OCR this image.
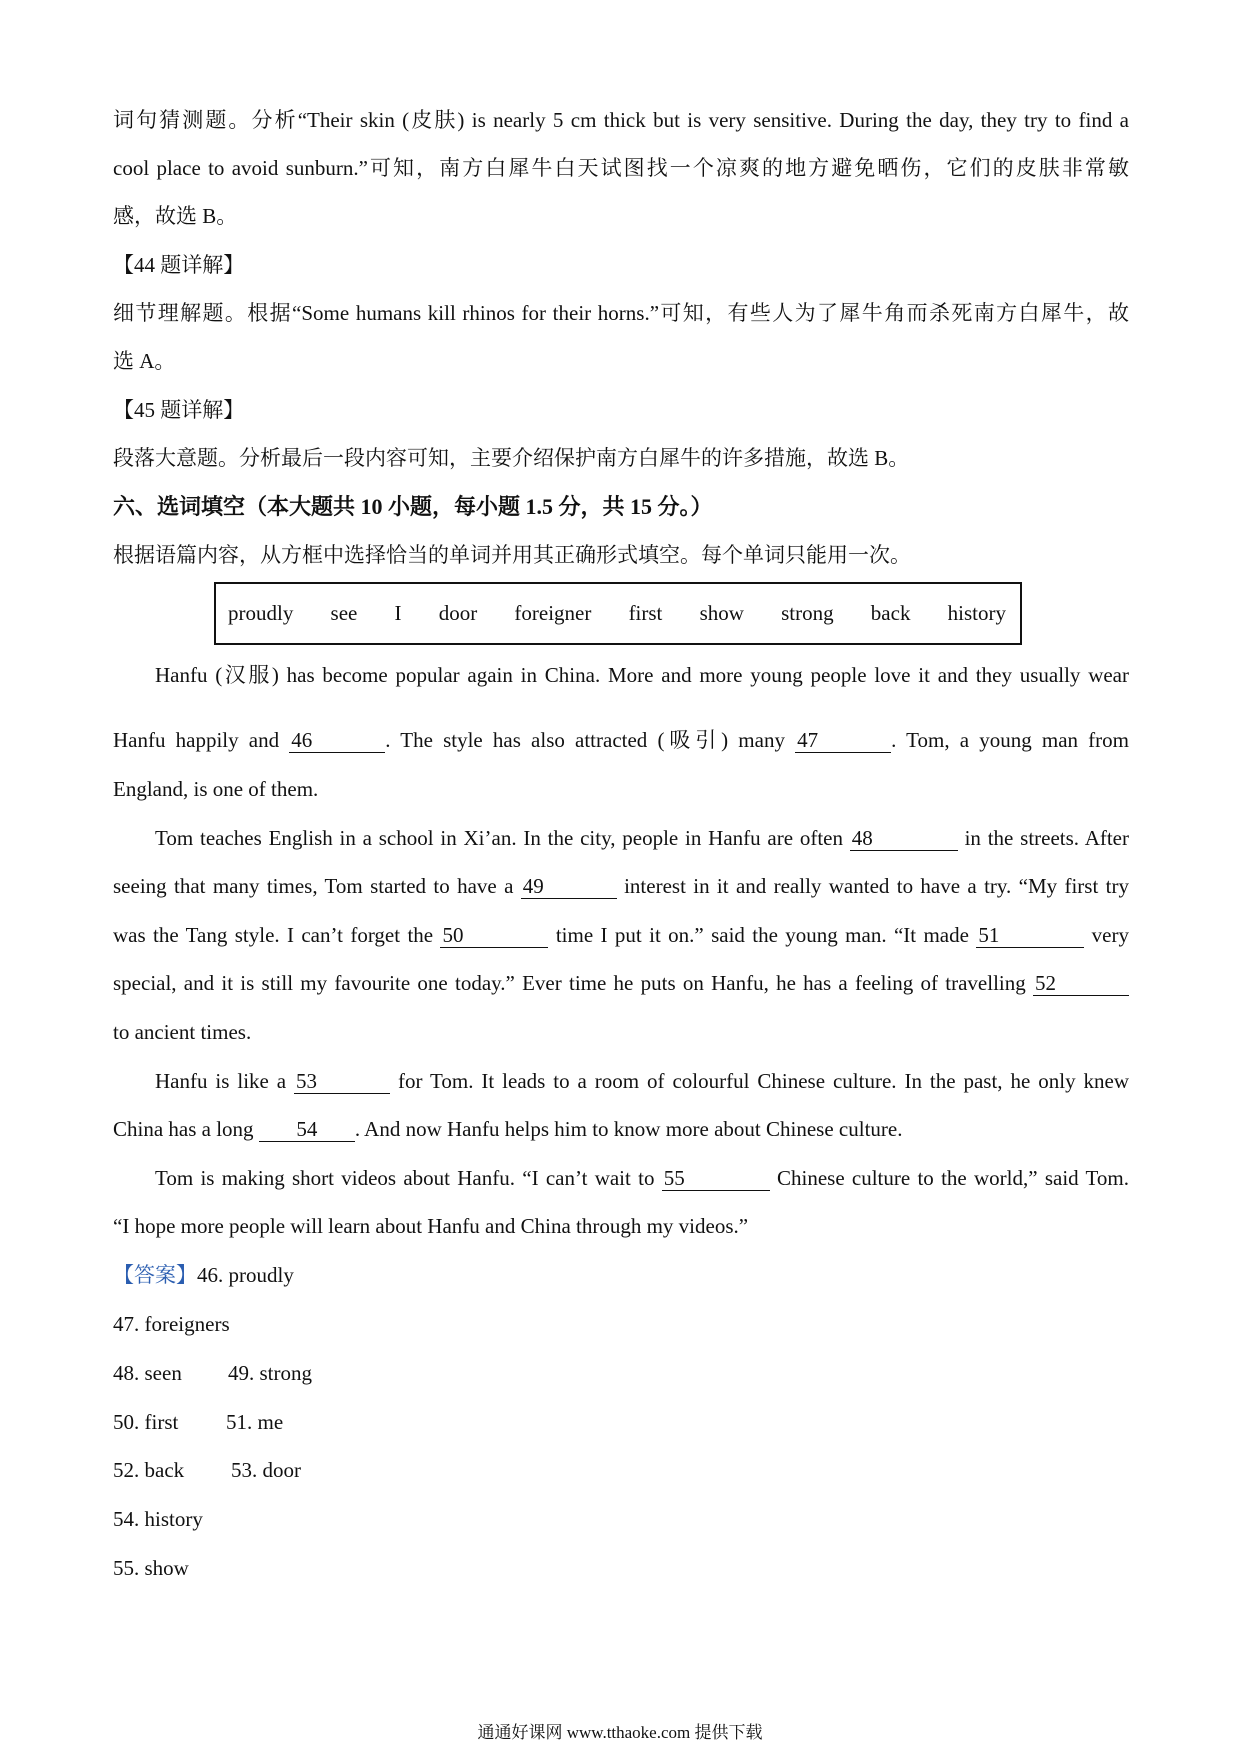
词句猜测题。分析“Their skin (皮肤) is nearly 5 cm thick but is very sensitive. During the day, they try to find a
cool place to avoid sunburn.”可知，南方白犀牛白天试图找一个凉爽的地方避免晒伤，它们的皮肤非常敏
感，故选 B。
【44 题详解】
细节理解题。根据“Some humans kill rhinos for their horns.”可知，有些人为了犀牛角而杀死南方白犀牛，故
选 A。
【45 题详解】
段落大意题。分析最后一段内容可知，主要介绍保护南方白犀牛的许多措施，故选 B。
六、选词填空（本大题共 10 小题，每小题 1.5 分，共 15 分。）
根据语篇内容，从方框中选择恰当的单词并用其正确形式填空。每个单词只能用一次。
proudly see I door foreigner first show strong back history
Hanfu (汉服) has become popular again in China. More and more young people love it and they usually wear
Hanfu happily and 46	. The style has also attracted (吸引) many 47	. Tom, a young man from
England, is one of them.
Tom teaches English in a school in Xi’an. In the city, people in Hanfu are often 48	in the streets. After
seeing that many times, Tom started to have a 49	interest in it and really wanted to have a try. “My first try
was the Tang style. I can’t forget the 50	time I put it on.” said the young man. “It made 51	very
special, and it is still my favourite one today.” Ever time he puts on Hanfu, he has a feeling of travelling 52
to ancient times.
Hanfu is like a 53	for Tom. It leads to a room of colourful Chinese culture. In the past, he only knew
China has a long 54 . And now Hanfu helps him to know more about Chinese culture.
Tom is making short videos about Hanfu. “I can’t wait to 55	Chinese culture to the world,” said Tom.
“I hope more people will learn about Hanfu and China through my videos.”
【答案】46. proudly
47. foreigners
48. seen 49. strong
50. first 51. me
52. back 53. door
54. history
55. show
通通好课网 www.tthaoke.com 提供下载
